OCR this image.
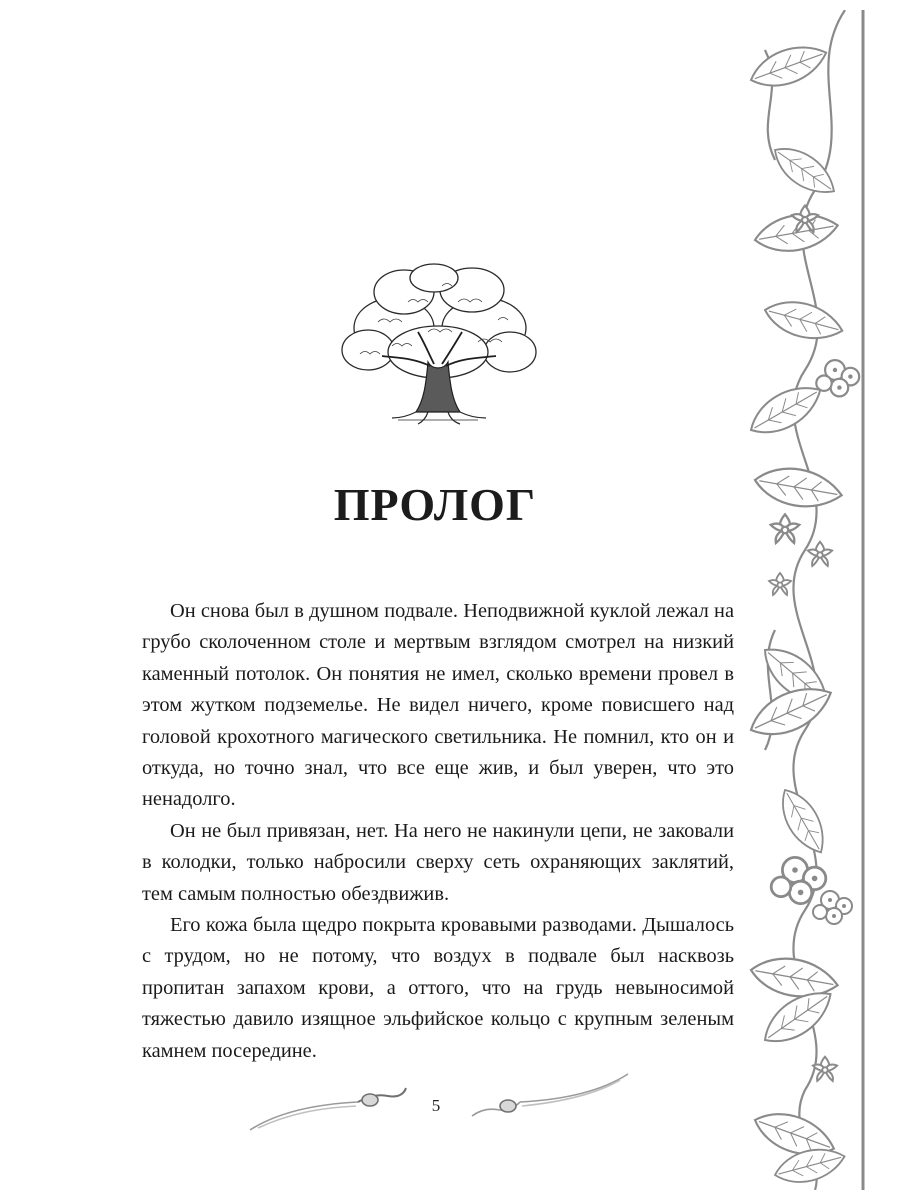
ПРОЛОГ

Он снова был в душном подвале. Неподвижной куклой лежал на грубо сколоченном столе и мертвым взглядом смотрел на низкий каменный потолок. Он понятия не имел, сколько времени провел в этом жутком подземелье. Не видел ничего, кроме повисшего над головой крохотного магического светильника. Не помнил, кто он и откуда, но точно знал, что все еще жив, и был уверен, что это ненадолго.

Он не был привязан, нет. На него не накинули цепи, не заковали в колодки, только набросили сверху сеть охраняющих заклятий, тем самым полностью обездвижив.

Его кожа была щедро покрыта кровавыми разводами. Дышалось с трудом, но не потому, что воздух в подвале был насквозь пропитан запахом крови, а оттого, что на грудь невыносимой тяжестью давило изящное эльфийское кольцо с крупным зеленым камнем посередине.

5
